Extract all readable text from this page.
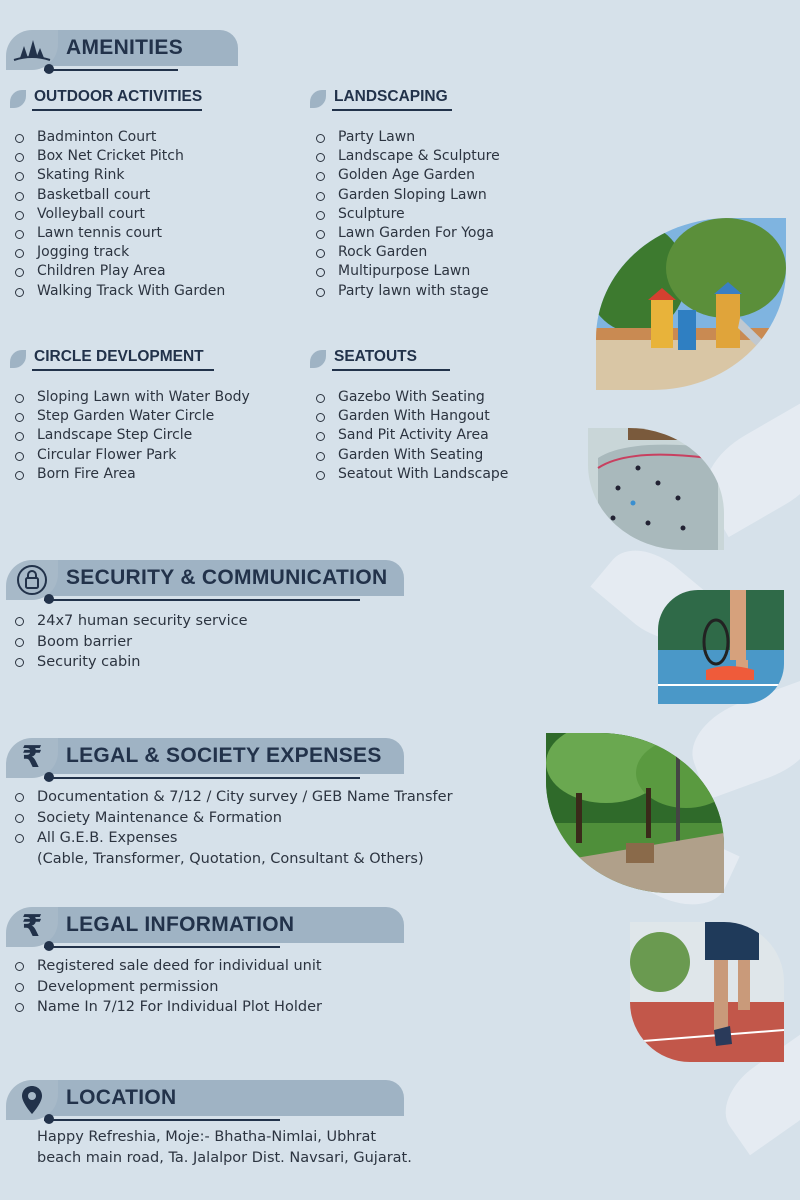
AMENITIES
OUTDOOR ACTIVITIES
Badminton Court
Box Net Cricket Pitch
Skating Rink
Basketball court
Volleyball court
Lawn tennis court
Jogging track
Children Play Area
Walking Track With Garden
LANDSCAPING
Party Lawn
Landscape & Sculpture
Golden Age Garden
Garden Sloping Lawn
Sculpture
Lawn Garden For Yoga
Rock Garden
Multipurpose Lawn
Party lawn with stage
CIRCLE DEVLOPMENT
Sloping Lawn with Water Body
Step Garden Water Circle
Landscape Step Circle
Circular Flower Park
Born Fire Area
SEATOUTS
Gazebo With Seating
Garden With Hangout
Sand Pit Activity Area
Garden With Seating
Seatout With Landscape
SECURITY & COMMUNICATION
24x7 human security service
Boom barrier
Security cabin
₹ LEGAL & SOCIETY EXPENSES
Documentation & 7/12 / City survey / GEB Name Transfer
Society Maintenance & Formation
All G.E.B. Expenses
(Cable, Transformer, Quotation, Consultant & Others)
₹ LEGAL INFORMATION
Registered sale deed for individual unit
Development permission
Name In 7/12 For Individual Plot Holder
LOCATION
Happy Refreshia, Moje:- Bhatha-Nimlai, Ubhrat
beach main road, Ta. Jalalpor Dist. Navsari, Gujarat.
